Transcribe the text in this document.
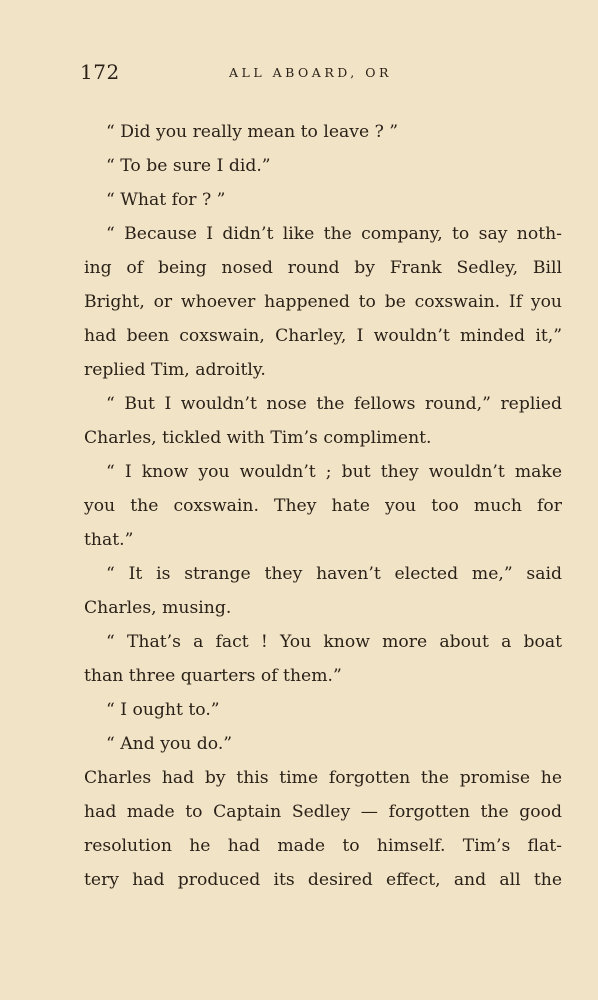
172	ALL ABOARD, OR
“ Did you really mean to leave ? ”
“ To be sure I did.”
“ What for ? ”
“ Because I didn’t like the company, to say noth-
ing of being nosed round by Frank Sedley, Bill
Bright, or whoever happened to be coxswain. If you
had been coxswain, Charley, I wouldn’t minded it,”
replied Tim, adroitly.
“ But I wouldn’t nose the fellows round,” replied
Charles, tickled with Tim’s compliment.
“ I know you wouldn’t ; but they wouldn’t make
you the coxswain. They hate you too much for
that.”
“ It is strange they haven’t elected me,” said
Charles, musing.
“ That’s a fact ! You know more about a boat
than three quarters of them.”
“ I ought to.”
“ And you do.”
Charles had by this time forgotten the promise he
had made to Captain Sedley — forgotten the good
resolution he had made to himself. Tim’s flat-
tery had produced its desired effect, and all the
